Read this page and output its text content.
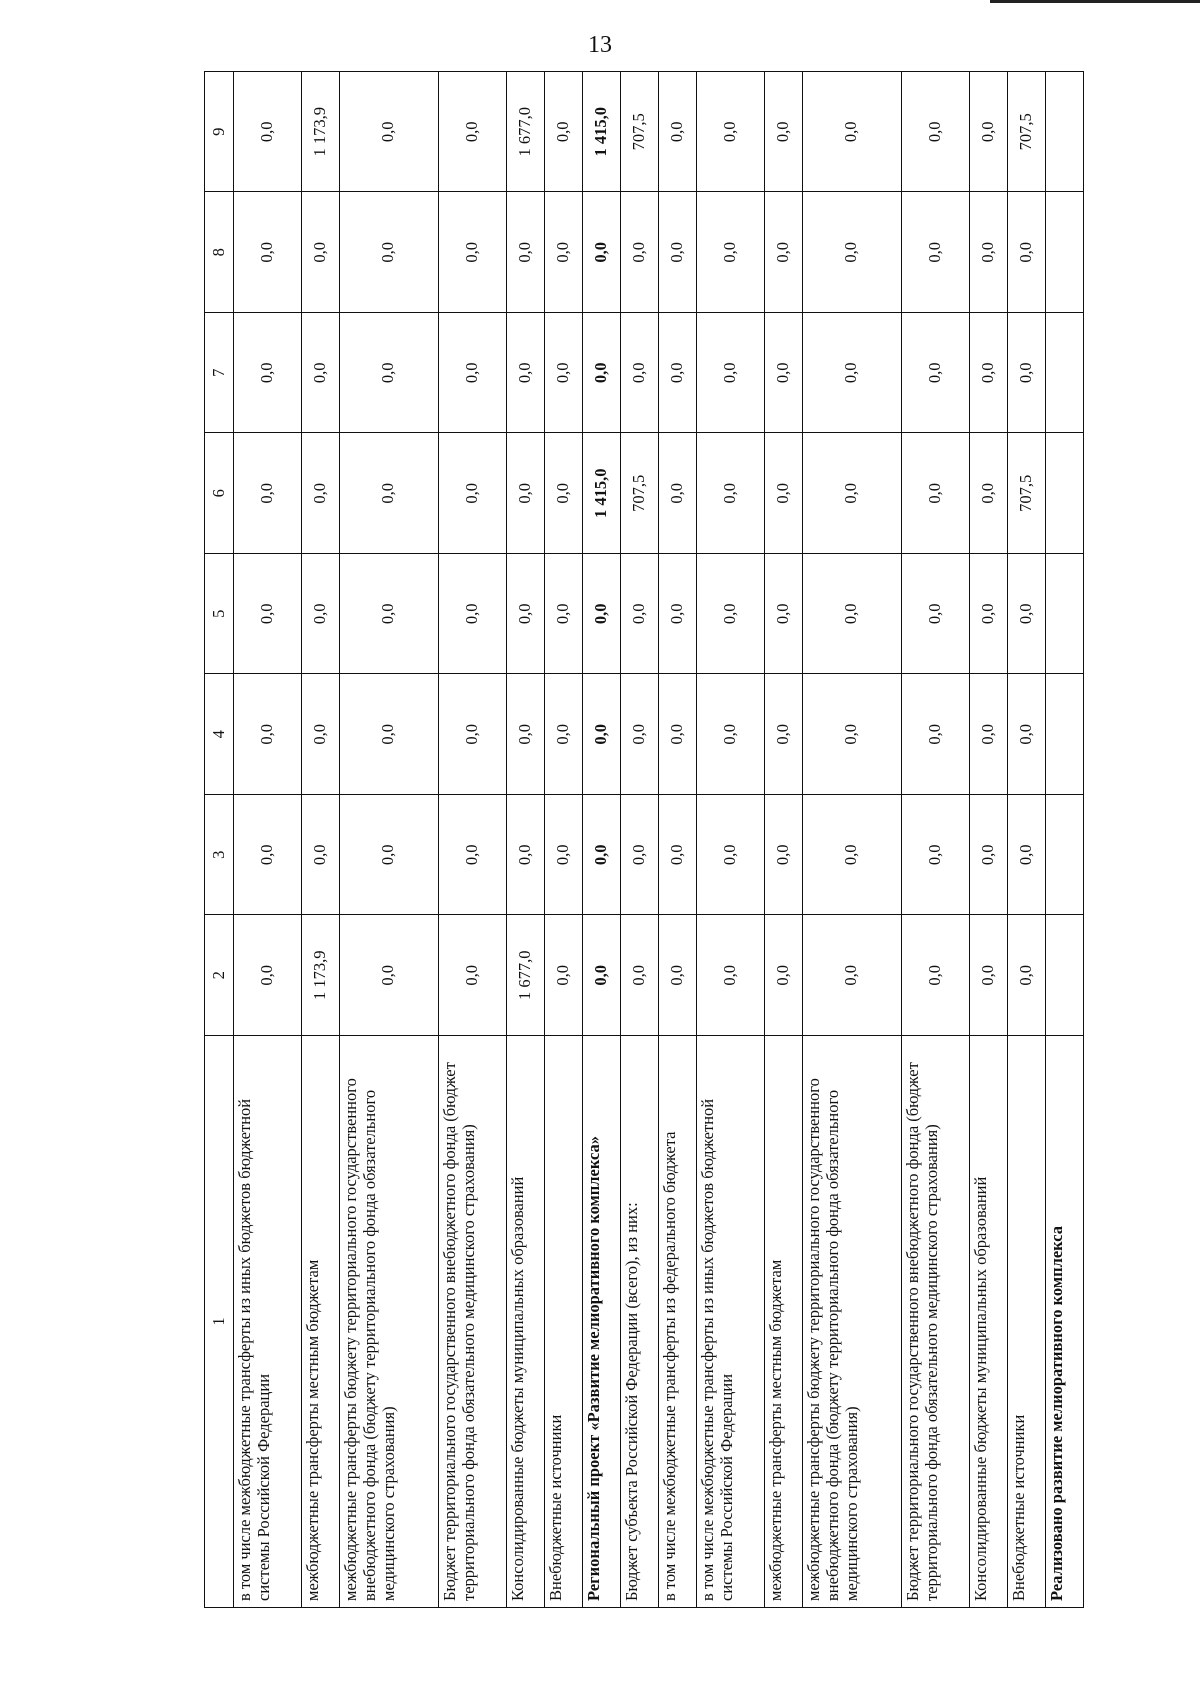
13
1	2	3	4	5	6	7	8	9
в том числе межбюджетные трансферты из иных бюджетов бюджетной системы Российской Федерации	0,0	0,0	0,0	0,0	0,0	0,0	0,0	0,0
межбюджетные трансферты местным бюджетам	1 173,9	0,0	0,0	0,0	0,0	0,0	0,0	1 173,9
межбюджетные трансферты бюджету территориального государственного внебюджетного фонда (бюджету территориального фонда обязательного медицинского страхования)	0,0	0,0	0,0	0,0	0,0	0,0	0,0	0,0
Бюджет территориального государственного внебюджетного фонда (бюджет территориального фонда обязательного медицинского страхования)	0,0	0,0	0,0	0,0	0,0	0,0	0,0	0,0
Консолидированные бюджеты муниципальных образований	1 677,0	0,0	0,0	0,0	0,0	0,0	0,0	1 677,0
Внебюджетные источники	0,0	0,0	0,0	0,0	0,0	0,0	0,0	0,0
Региональный проект «Развитие мелиоративного комплекса»	0,0	0,0	0,0	0,0	1 415,0	0,0	0,0	1 415,0
Бюджет субъекта Российской Федерации (всего), из них:	0,0	0,0	0,0	0,0	707,5	0,0	0,0	707,5
в том числе межбюджетные трансферты из федерального бюджета	0,0	0,0	0,0	0,0	0,0	0,0	0,0	0,0
в том числе межбюджетные трансферты из иных бюджетов бюджетной системы Российской Федерации	0,0	0,0	0,0	0,0	0,0	0,0	0,0	0,0
межбюджетные трансферты местным бюджетам	0,0	0,0	0,0	0,0	0,0	0,0	0,0	0,0
межбюджетные трансферты бюджету территориального государственного внебюджетного фонда (бюджету территориального фонда обязательного медицинского страхования)	0,0	0,0	0,0	0,0	0,0	0,0	0,0	0,0
Бюджет территориального государственного внебюджетного фонда (бюджет территориального фонда обязательного медицинского страхования)	0,0	0,0	0,0	0,0	0,0	0,0	0,0	0,0
Консолидированные бюджеты муниципальных образований	0,0	0,0	0,0	0,0	0,0	0,0	0,0	0,0
Внебюджетные источники	0,0	0,0	0,0	0,0	707,5	0,0	0,0	707,5
Реализовано развитие мелиоративного комплекса								
